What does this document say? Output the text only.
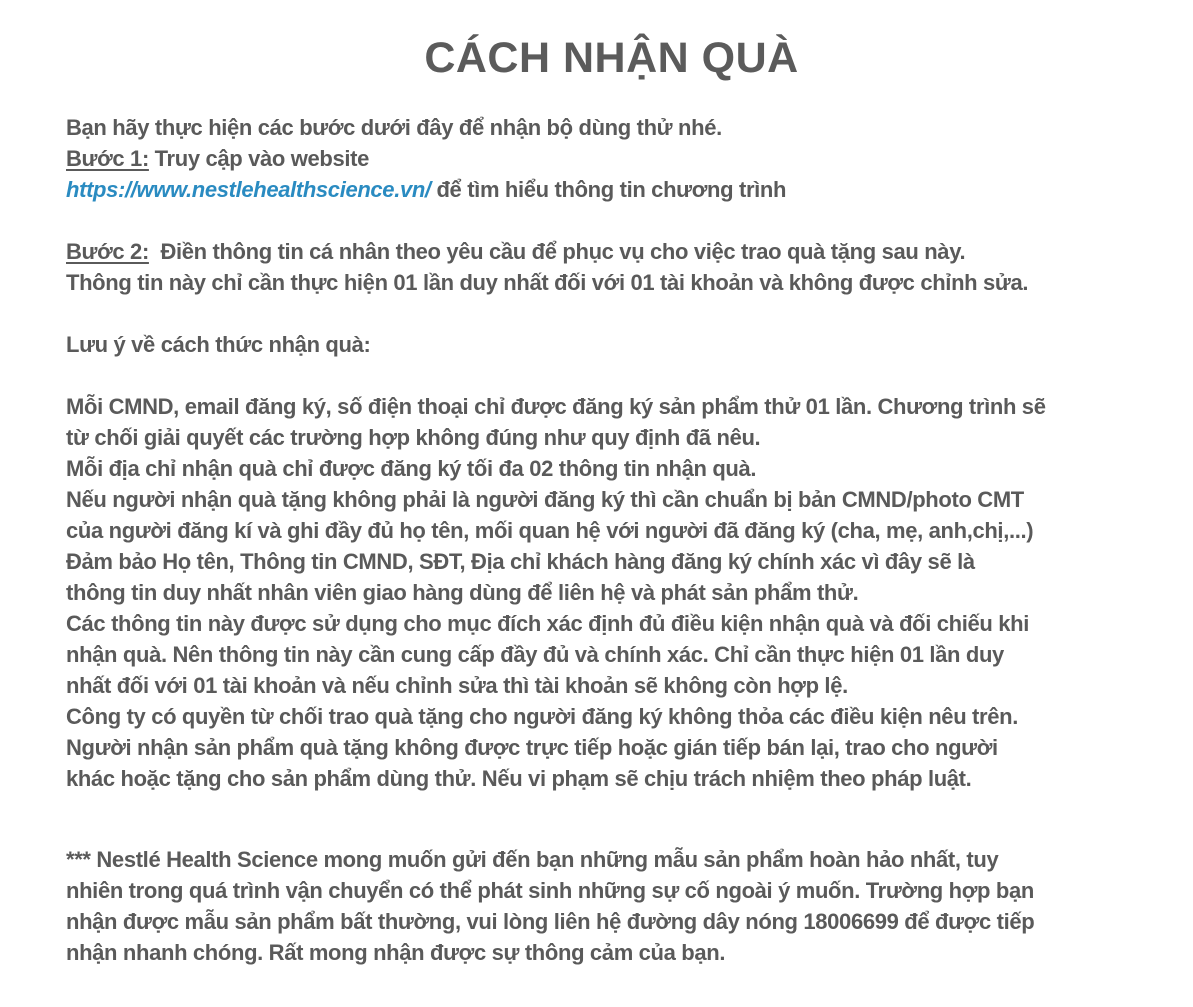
CÁCH NHẬN QUÀ
Bạn hãy thực hiện các bước dưới đây để nhận bộ dùng thử nhé.
Bước 1: Truy cập vào website
https://www.nestlehealthscience.vn/ để tìm hiểu thông tin chương trình
Bước 2:  Điền thông tin cá nhân theo yêu cầu để phục vụ cho việc trao quà tặng sau này.
Thông tin này chỉ cần thực hiện 01 lần duy nhất đối với 01 tài khoản và không được chỉnh sửa.
Lưu ý về cách thức nhận quà:
Mỗi CMND, email đăng ký, số điện thoại chỉ được đăng ký sản phẩm thử 01 lần. Chương trình sẽ
từ chối giải quyết các trường hợp không đúng như quy định đã nêu.
Mỗi địa chỉ nhận quà chỉ được đăng ký tối đa 02 thông tin nhận quà.
Nếu người nhận quà tặng không phải là người đăng ký thì cần chuẩn bị bản CMND/photo CMT
của người đăng kí và ghi đầy đủ họ tên, mối quan hệ với người đã đăng ký (cha, mẹ, anh,chị,...)
Đảm bảo Họ tên, Thông tin CMND, SĐT, Địa chỉ khách hàng đăng ký chính xác vì đây sẽ là
thông tin duy nhất nhân viên giao hàng dùng để liên hệ và phát sản phẩm thử.
Các thông tin này được sử dụng cho mục đích xác định đủ điều kiện nhận quà và đối chiếu khi
nhận quà. Nên thông tin này cần cung cấp đầy đủ và chính xác. Chỉ cần thực hiện 01 lần duy
nhất đối với 01 tài khoản và nếu chỉnh sửa thì tài khoản sẽ không còn hợp lệ.
Công ty có quyền từ chối trao quà tặng cho người đăng ký không thỏa các điều kiện nêu trên.
Người nhận sản phẩm quà tặng không được trực tiếp hoặc gián tiếp bán lại, trao cho người
khác hoặc tặng cho sản phẩm dùng thử. Nếu vi phạm sẽ chịu trách nhiệm theo pháp luật.
*** Nestlé Health Science mong muốn gửi đến bạn những mẫu sản phẩm hoàn hảo nhất, tuy
nhiên trong quá trình vận chuyển có thể phát sinh những sự cố ngoài ý muốn. Trường hợp bạn
nhận được mẫu sản phẩm bất thường, vui lòng liên hệ đường dây nóng 18006699 để được tiếp
nhận nhanh chóng. Rất mong nhận được sự thông cảm của bạn.
